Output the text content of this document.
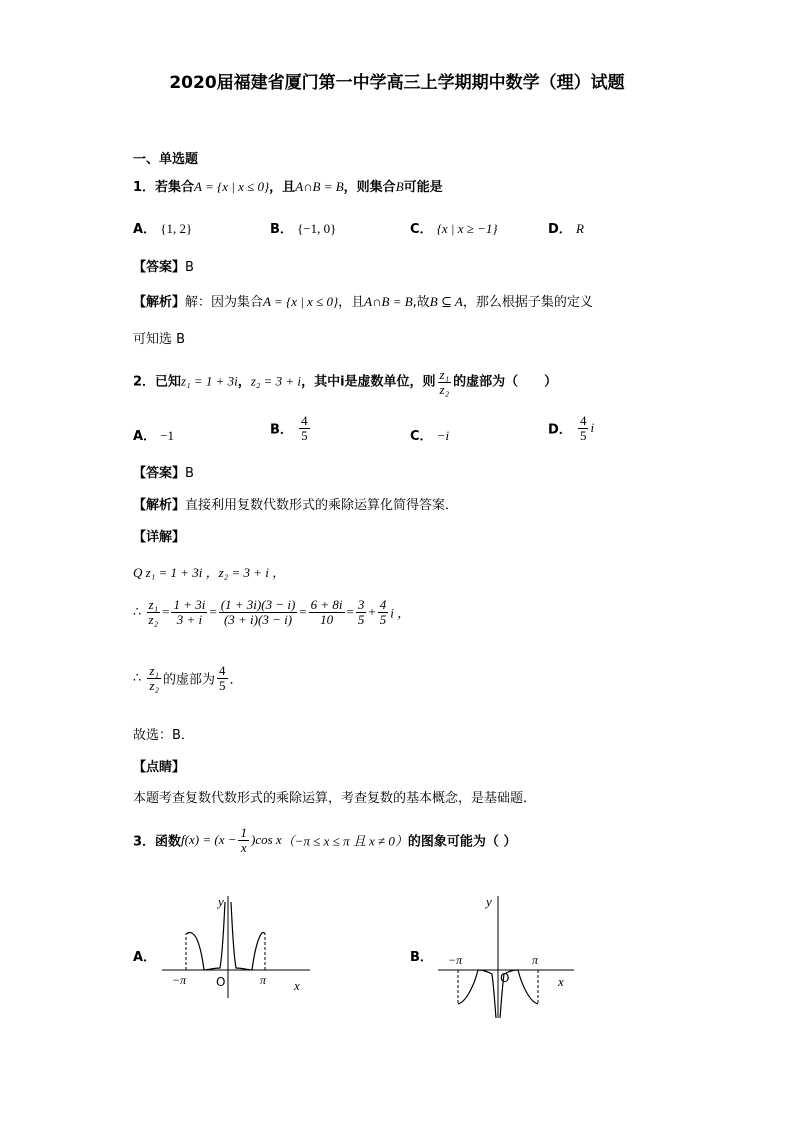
2020届福建省厦门第一中学高三上学期期中数学（理）试题
一、单选题
1．若集合A = {x | x ≤ 0}，且A∩B = B，则集合B可能是
A． {1, 2}	B． {−1, 0}	C． {x | x ≥ −1}	D． R
【答案】B
【解析】解：因为集合A = {x | x ≤ 0}，且A∩B = B,故B ⊆ A，那么根据子集的定义
可知选 B
2．已知z₁ = 1 + 3i，z₂ = 3 + i，其中i是虚数单位，则 $\frac{\text{z₁}}{\text{z₂}}$ 的虚部为（　　）
A． −1	B． $\frac{4}{5}$	C． −i	D． $\frac{4}{5}$ i
【答案】B
【解析】直接利用复数代数形式的乘除运算化简得答案．
【详解】
Q z₁ = 1 + 3i ，z₂ = 3 + i ，
∴ $\frac{\text{z₁}}{\text{z₂}} = \frac{1 + 3i}{3 + i} = \frac{(1 + 3i)(3 - i)}{(3 + i)(3 - i)} = \frac{6 + 8i}{10} = \frac{3}{5} + \frac{4}{5}$ i ，
∴ $\frac{\text{z₁}}{\text{z₂}}$ 的虚部为 $\frac{4}{5}$ ．
故选：B．
【点睛】
本题考查复数代数形式的乘除运算，考查复数的基本概念，是基础题．
3．函数$f(x) = (x - \frac{1}{x} )\cos$ x（−π ≤ x ≤ π 且 x ≠ 0）的图象可能为（ ）
A．
y
x
O
−π	π
B．
y
x
O
−π	π
